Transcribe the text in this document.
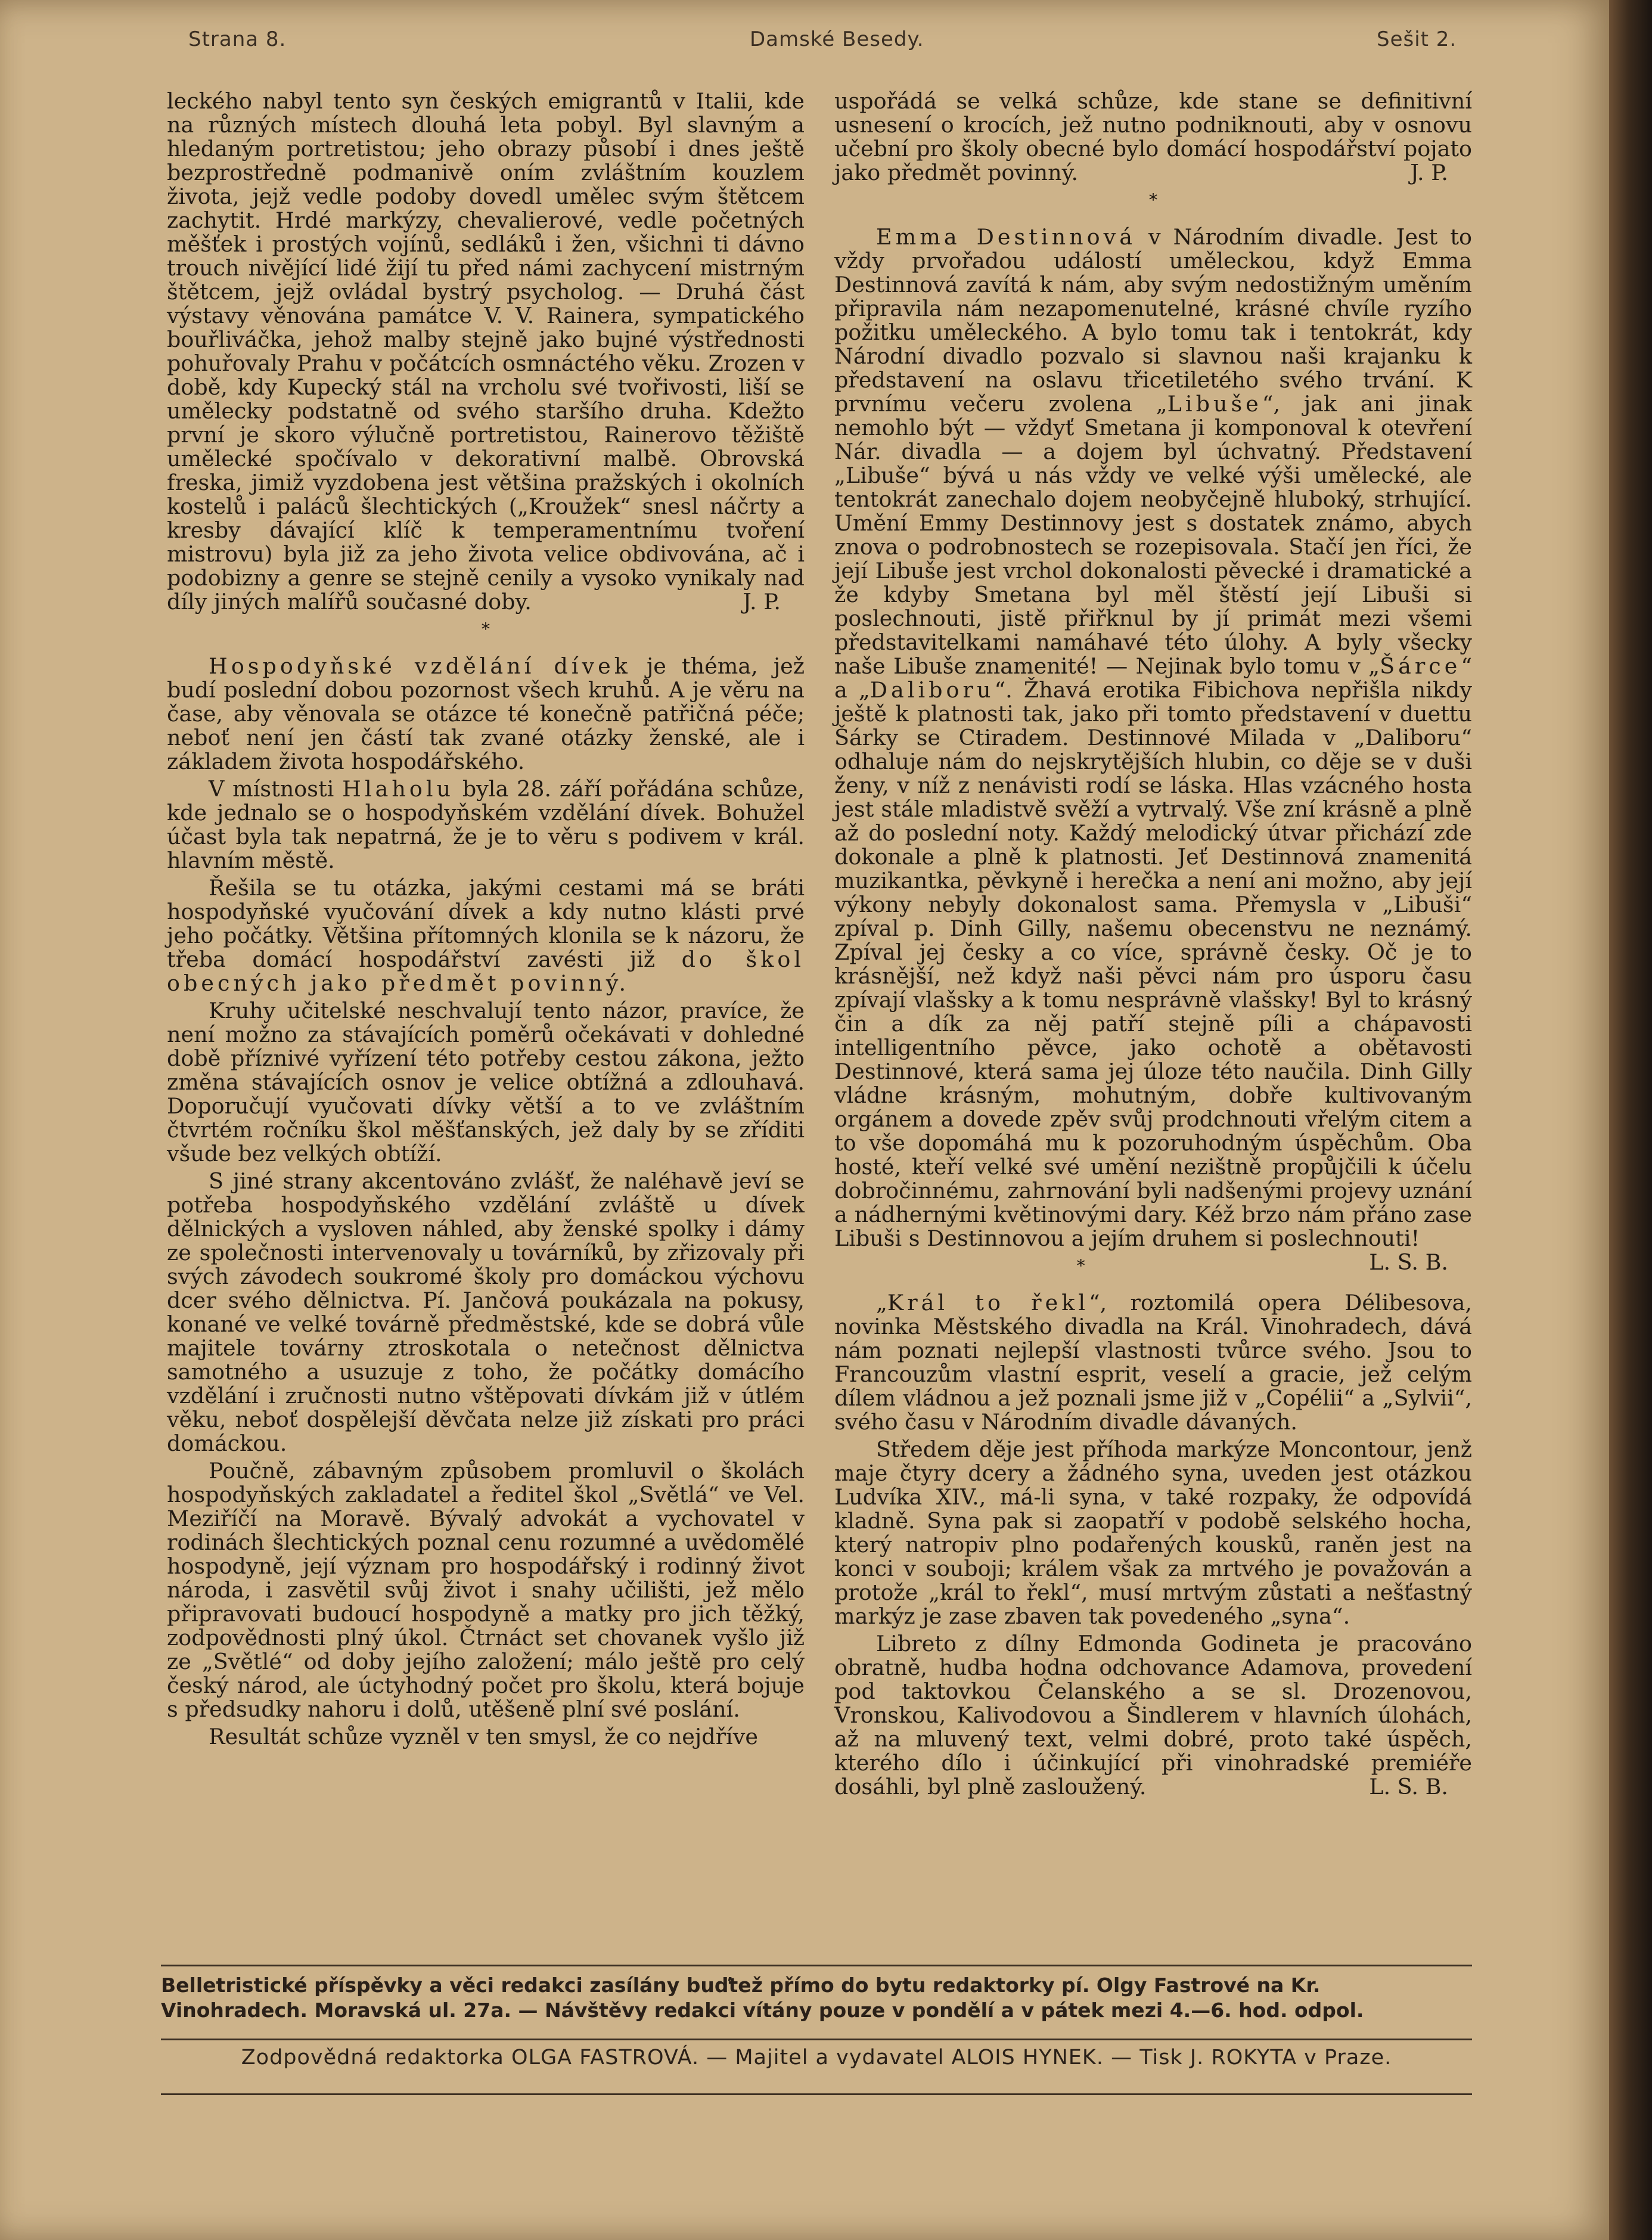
Strana 8.	Damské Besedy.	Sešit 2.

leckého nabyl tento syn českých emigrantů v Italii, kde na různých místech dlouhá leta pobyl. Byl slavným a hledaným portretistou; jeho obrazy působí i dnes ještě bezprostředně podmanivě oním zvláštním kouzlem života, jejž vedle podoby dovedl umělec svým štětcem zachytit. Hrdé markýzy, chevalierové, vedle početných měšťek i prostých vojínů, sedláků i žen, všichni ti dávno trouch nivějící lidé žijí tu před námi zachycení mistrným štětcem, jejž ovládal bystrý psycholog. — Druhá část výstavy věnována památce V. V. Rainera, sympatického bouřliváčka, jehož malby stejně jako bujné výstřednosti pohuřovaly Prahu v počátcích osmnáctého věku. Zrozen v době, kdy Kupecký stál na vrcholu své tvořivosti, liší se umělecky podstatně od svého staršího druha. Kdežto první je skoro výlučně portretistou, Rainerovo těžiště umělecké spočívalo v dekorativní malbě. Obrovská freska, jimiž vyzdobena jest většina pražských i okolních kostelů i paláců šlechtických („Kroužek“ snesl náčrty a kresby dávající klíč k temperamentnímu tvoření mistrovu) byla již za jeho života velice obdivována, ač i podobizny a genre se stejně cenily a vysoko vynikaly nad díly jiných malířů současné doby.	J. P.

*

Hospodyňské vzdělání dívek je théma, jež budí poslední dobou pozornost všech kruhů. A je věru na čase, aby věnovala se otázce té konečně patřičná péče; neboť není jen částí tak zvané otázky ženské, ale i základem života hospodářského.

V místnosti Hlaholu byla 28. září pořádána schůze, kde jednalo se o hospodyňském vzdělání dívek. Bohužel účast byla tak nepatrná, že je to věru s podivem v král. hlavním městě.

Řešila se tu otázka, jakými cestami má se bráti hospodyňské vyučování dívek a kdy nutno klásti prvé jeho počátky. Většina přítomných klonila se k názoru, že třeba domácí hospodářství zavésti již do škol obecných jako předmět povinný.

Kruhy učitelské neschvalují tento názor, pravíce, že není možno za stávajících poměrů očekávati v dohledné době příznivé vyřízení této potřeby cestou zákona, ježto změna stávajících osnov je velice obtížná a zdlouhavá. Doporučují vyučovati dívky větší a to ve zvláštním čtvrtém ročníku škol měšťanských, jež daly by se zříditi všude bez velkých obtíží.

S jiné strany akcentováno zvlášť, že naléhavě jeví se potřeba hospodyňského vzdělání zvláště u dívek dělnických a vysloven náhled, aby ženské spolky i dámy ze společnosti intervenovaly u továrníků, by zřizovaly při svých závodech soukromé školy pro domáckou výchovu dcer svého dělnictva. Pí. Jančová poukázala na pokusy, konané ve velké továrně předměstské, kde se dobrá vůle majitele továrny ztroskotala o netečnost dělnictva samotného a usuzuje z toho, že počátky domácího vzdělání i zručnosti nutno vštěpovati dívkám již v útlém věku, neboť dospělejší děvčata nelze již získati pro práci domáckou.

Poučně, zábavným způsobem promluvil o školách hospodyňských zakladatel a ředitel škol „Světlá“ ve Vel. Meziříčí na Moravě. Bývalý advokát a vychovatel v rodinách šlechtických poznal cenu rozumné a uvědomělé hospodyně, její význam pro hospodářský i rodinný život národa, i zasvětil svůj život i snahy učilišti, jež mělo připravovati budoucí hospodyně a matky pro jich těžký, zodpovědnosti plný úkol. Čtrnáct set chovanek vyšlo již ze „Světlé“ od doby jejího založení; málo ještě pro celý český národ, ale úctyhodný počet pro školu, která bojuje s předsudky nahoru i dolů, utěšeně plní své poslání.

Resultát schůze vyzněl v ten smysl, že co nejdříve

uspořádá se velká schůze, kde stane se definitivní usnesení o krocích, jež nutno podniknouti, aby v osnovu učební pro školy obecné bylo domácí hospodářství pojato jako předmět povinný.	J. P.

*

Emma Destinnová v Národním divadle. Jest to vždy prvořadou událostí uměleckou, když Emma Destinnová zavítá k nám, aby svým nedostižným uměním připravila nám nezapomenutelné, krásné chvíle ryzího požitku uměleckého. A bylo tomu tak i tentokrát, kdy Národní divadlo pozvalo si slavnou naši krajanku k představení na oslavu třicetiletého svého trvání. K prvnímu večeru zvolena „Libuše“, jak ani jinak nemohlo být — vždyť Smetana ji komponoval k otevření Nár. divadla — a dojem byl úchvatný. Představení „Libuše“ bývá u nás vždy ve velké výši umělecké, ale tentokrát zanechalo dojem neobyčejně hluboký, strhující. Umění Emmy Destinnovy jest s dostatek známo, abych znova o podrobnostech se rozepisovala. Stačí jen říci, že její Libuše jest vrchol dokonalosti pěvecké i dramatické a že kdyby Smetana byl měl štěstí její Libuši si poslechnouti, jistě přiřknul by jí primát mezi všemi představitelkami namáhavé této úlohy. A byly všecky naše Libuše znamenité! — Nejinak bylo tomu v „Šárce“ a „Daliboru“. Žhavá erotika Fibichova nepřišla nikdy ještě k platnosti tak, jako při tomto představení v duettu Šárky se Ctiradem. Destinnové Milada v „Daliboru“ odhaluje nám do nejskrytějších hlubin, co děje se v duši ženy, v níž z nenávisti rodí se láska. Hlas vzácného hosta jest stále mladistvě svěží a vytrvalý. Vše zní krásně a plně až do poslední noty. Každý melodický útvar přichází zde dokonale a plně k platnosti. Jeť Destinnová znamenitá muzikantka, pěvkyně i herečka a není ani možno, aby její výkony nebyly dokonalost sama. Přemysla v „Libuši“ zpíval p. Dinh Gilly, našemu obecenstvu ne neznámý. Zpíval jej česky a co více, správně česky. Oč je to krásnější, než když naši pěvci nám pro úsporu času zpívají vlašsky a k tomu nesprávně vlašsky! Byl to krásný čin a dík za něj patří stejně píli a chápavosti intelligentního pěvce, jako ochotě a obětavosti Destinnové, která sama jej úloze této naučila. Dinh Gilly vládne krásným, mohutným, dobře kultivovaným orgánem a dovede zpěv svůj prodchnouti vřelým citem a to vše dopomáhá mu k pozoruhodným úspěchům. Oba hosté, kteří velké své umění nezištně propůjčili k účelu dobročinnému, zahrnování byli nadšenými projevy uznání a nádhernými květinovými dary. Kéž brzo nám přáno zase Libuši s Destinnovou a jejím druhem si poslechnouti!
L. S. B.

*

„Král to řekl“, roztomilá opera Délibesova, novinka Městského divadla na Král. Vinohradech, dává nám poznati nejlepší vlastnosti tvůrce svého. Jsou to Francouzům vlastní esprit, veselí a gracie, jež celým dílem vládnou a jež poznali jsme již v „Copélii“ a „Sylvii“, svého času v Národním divadle dávaných.

Středem děje jest příhoda markýze Moncontour, jenž maje čtyry dcery a žádného syna, uveden jest otázkou Ludvíka XIV., má-li syna, v také rozpaky, že odpovídá kladně. Syna pak si zaopatří v podobě selského hocha, který natropiv plno podařených kousků, raněn jest na konci v souboji; králem však za mrtvého je považován a protože „král to řekl“, musí mrtvým zůstati a nešťastný markýz je zase zbaven tak povedeného „syna“.

Libreto z dílny Edmonda Godineta je pracováno obratně, hudba hodna odchovance Adamova, provedení pod taktovkou Čelanského a se sl. Drozenovou, Vronskou, Kalivodovou a Šindlerem v hlavních úlohách, až na mluvený text, velmi dobré, proto také úspěch, kterého dílo i účinkující při vinohradské premiéře dosáhli, byl plně zasloužený.	L. S. B.

Belletristické příspěvky a věci redakci zasílány buďtež přímo do bytu redaktorky pí. Olgy Fastrové na Kr. Vinohradech. Moravská ul. 27a. — Návštěvy redakci vítány pouze v pondělí a v pátek mezi 4.—6. hod. odpol.
Zodpovědná redaktorka OLGA FASTROVÁ. — Majitel a vydavatel ALOIS HYNEK. — Tisk J. ROKYTA v Praze.
